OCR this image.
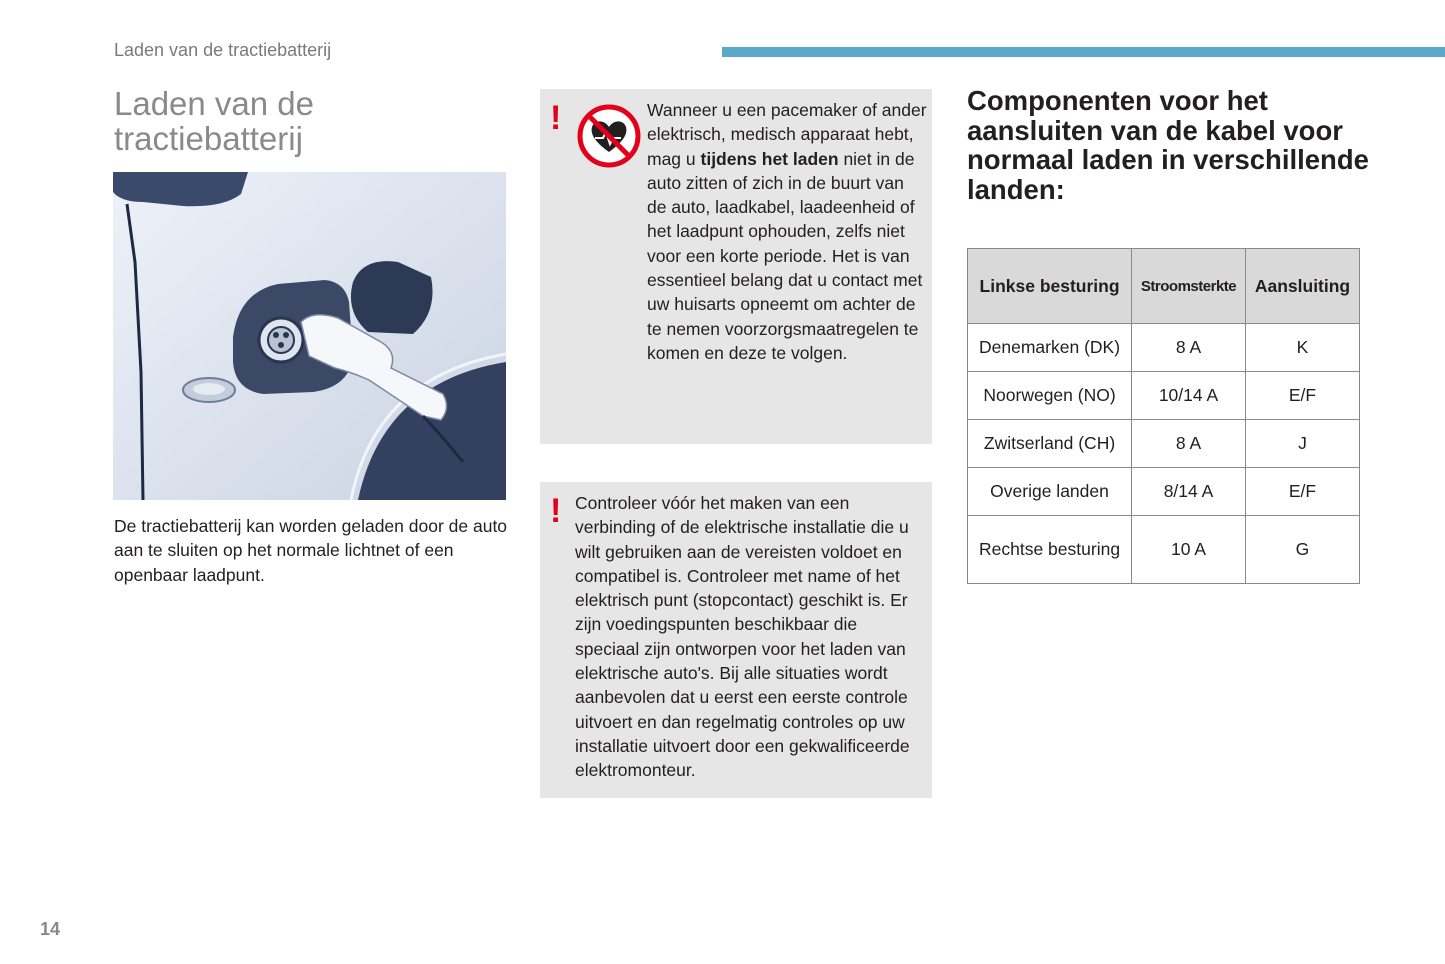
Laden van de tractiebatterij
Laden van de tractiebatterij
De tractiebatterij kan worden geladen door de auto aan te sluiten op het normale lichtnet of een openbaar laadpunt.
!	Wanneer u een pacemaker of ander elektrisch, medisch apparaat hebt, mag u tijdens het laden niet in de auto zitten of zich in de buurt van de auto, laadkabel, laadeenheid of het laadpunt ophouden, zelfs niet voor een korte periode. Het is van essentieel belang dat u contact met uw huisarts opneemt om achter de te nemen voorzorgsmaatregelen te komen en deze te volgen.
! Controleer vóór het maken van een verbinding of de elektrische installatie die u wilt gebruiken aan de vereisten voldoet en compatibel is. Controleer met name of het elektrisch punt (stopcontact) geschikt is. Er zijn voedingspunten beschikbaar die speciaal zijn ontworpen voor het laden van elektrische auto's. Bij alle situaties wordt aanbevolen dat u eerst een eerste controle uitvoert en dan regelmatig controles op uw installatie uitvoert door een gekwalificeerde elektromonteur.
Componenten voor het aansluiten van de kabel voor normaal laden in verschillende landen:
Linkse besturing	Stroomsterkte	Aansluiting
Denemarken (DK)	8 A	K
Noorwegen (NO)	10/14 A	E/F
Zwitserland (CH)	8 A	J
Overige landen	8/14 A	E/F
Rechtse besturing	10 A	G
14
